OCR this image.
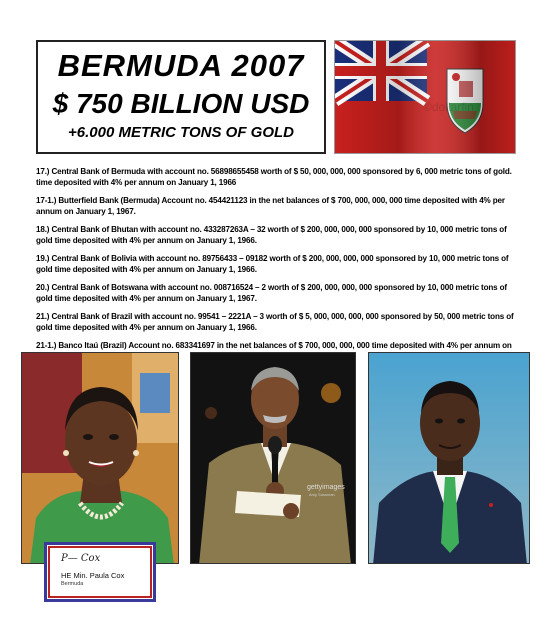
BERMUDA 2007
$ 750 BILLION USD
+6.000 METRIC TONS OF GOLD
©dollarfin

17.) Central Bank of Bermuda with account no. 56898655458 worth of $ 50, 000, 000, 000 sponsored by 6, 000 metric tons of gold. time deposited with 4% per annum on January 1, 1966

17-1.) Butterfield Bank (Bermuda) Account no. 454421123 in the net balances of $ 700, 000, 000, 000 time deposited with 4% per annum on January 1, 1967.

18.) Central Bank of Bhutan with account no. 433287263A – 32 worth of $ 200, 000, 000, 000 sponsored by 10, 000 metric tons of gold time deposited with 4% per annum on January 1, 1966.

19.) Central Bank of Bolivia with account no. 89756433 – 09182 worth of $ 200, 000, 000, 000 sponsored by 10, 000 metric tons of gold time deposited with 4% per annum on January 1, 1966.

20.) Central Bank of Botswana with account no. 008716524 – 2 worth of $ 200, 000, 000, 000 sponsored by 10, 000 metric tons of gold time deposited with 4% per annum on January 1, 1967.

21.) Central Bank of Brazil with account no. 99541 – 2221A – 3 worth of $ 5, 000, 000, 000, 000 sponsored by 50, 000 metric tons of gold time deposited with 4% per annum on January 1, 1966.

21-1.) Banco Itaú (Brazil) Account no. 683341697 in the net balances of $ 700, 000, 000, 000 time deposited with 4% per annum on

P— Cox
HE Min. Paula Cox
Bermuda
gettyimages
Amy Sussman
